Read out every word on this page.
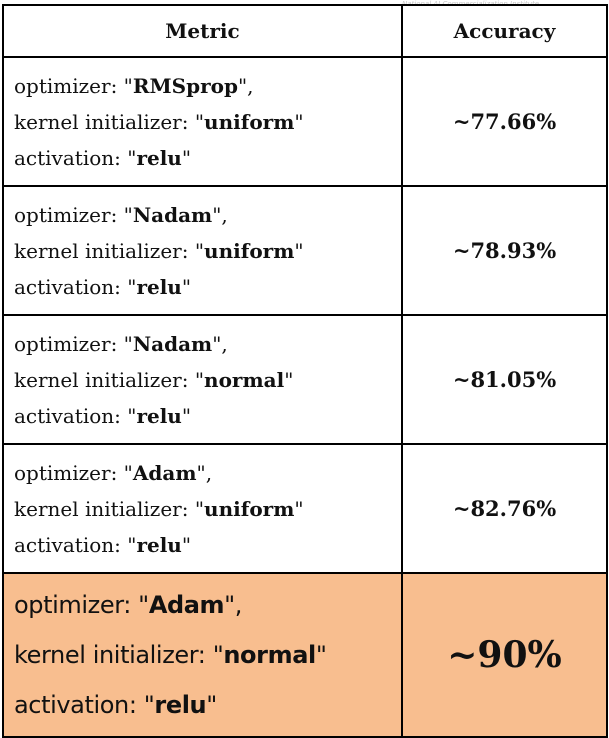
National AI Commercialization Institute
Metric	Accuracy

optimizer: "RMSprop",
kernel initializer: "uniform"
activation: "relu"	~77.66%

optimizer: "Nadam",
kernel initializer: "uniform"
activation: "relu"	~78.93%

optimizer: "Nadam",
kernel initializer: "normal"
activation: "relu"	~81.05%

optimizer: "Adam",
kernel initializer: "uniform"
activation: "relu"	~82.76%

optimizer: "Adam",
kernel initializer: "normal"
activation: "relu"	~90%
